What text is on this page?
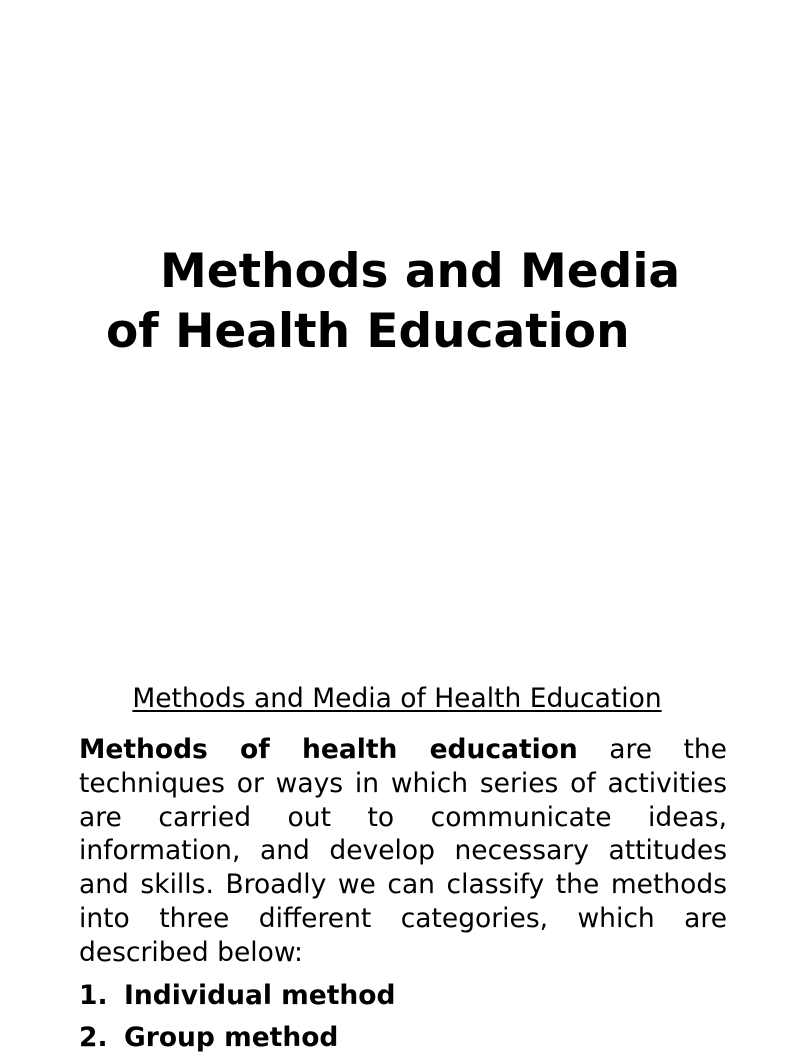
Methods and Media
of Health Education
Methods and Media of Health Education
Methods of health education are the techniques or ways in which series of activities are carried out to communicate ideas, information, and develop necessary attitudes and skills. Broadly we can classify the methods into three different categories, which are described below:
1. Individual method
2. Group method
